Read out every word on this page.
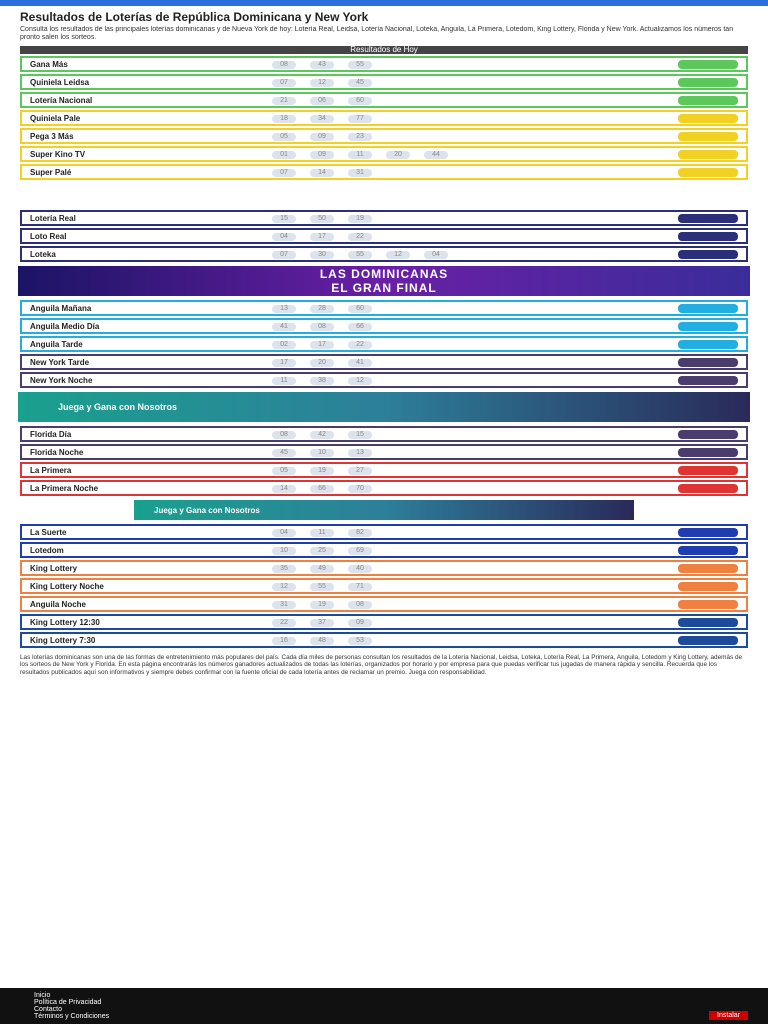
Resultados de Loterías de República Dominicana y New York
Consulta los resultados de las principales loterías dominicanas y de Nueva York de hoy: Lotería Real, Leidsa, Lotería Nacional, Loteka, Anguila, La Primera, Lotedom, King Lottery, Florida y New York. Actualizamos los números tan pronto salen los sorteos.
Resultados de Hoy
Gana Más	08	43	55
Quiniela Leidsa	07	12	45
Lotería Nacional	21	06	60
Quiniela Pale	18	34	77
Pega 3 Más	05	09	23
Super Kino TV	01	09	11	20	44
Super Palé	07	14	31
Lotería Real	15	50	19
Loto Real	04	17	22
Loteka	07	30	55	12	04
LAS DOMINICANAS
EL GRAN FINAL
Anguila Mañana	13	28	60
Anguila Medio Día	41	08	66
Anguila Tarde	02	17	22
New York Tarde	17	20	41
New York Noche	11	38	12
Juega y Gana con Nosotros
Florida Día	08	42	15
Florida Noche	45	10	13
La Primera	05	19	27
La Primera Noche	14	66	70
Juega y Gana con Nosotros
La Suerte	04	11	82
Lotedom	10	25	69
King Lottery	35	49	40
King Lottery Noche	12	55	71
Anguila Noche	31	19	08
King Lottery 12:30	22	37	09
King Lottery 7:30	16	48	53
Las loterías dominicanas son una de las formas de entretenimiento más populares del país. Cada día miles de personas consultan los resultados de la Lotería Nacional, Leidsa, Loteka, Lotería Real, La Primera, Anguila, Lotedom y King Lottery, además de los sorteos de New York y Florida. En esta página encontrarás los números ganadores actualizados de todas las loterías, organizados por horario y por empresa para que puedas verificar tus jugadas de manera rápida y sencilla. Recuerda que los resultados publicados aquí son informativos y siempre debes confirmar con la fuente oficial de cada lotería antes de reclamar un premio. Juega con responsabilidad.
Inicio
Política de Privacidad
Contacto
Términos y Condiciones	Instalar
